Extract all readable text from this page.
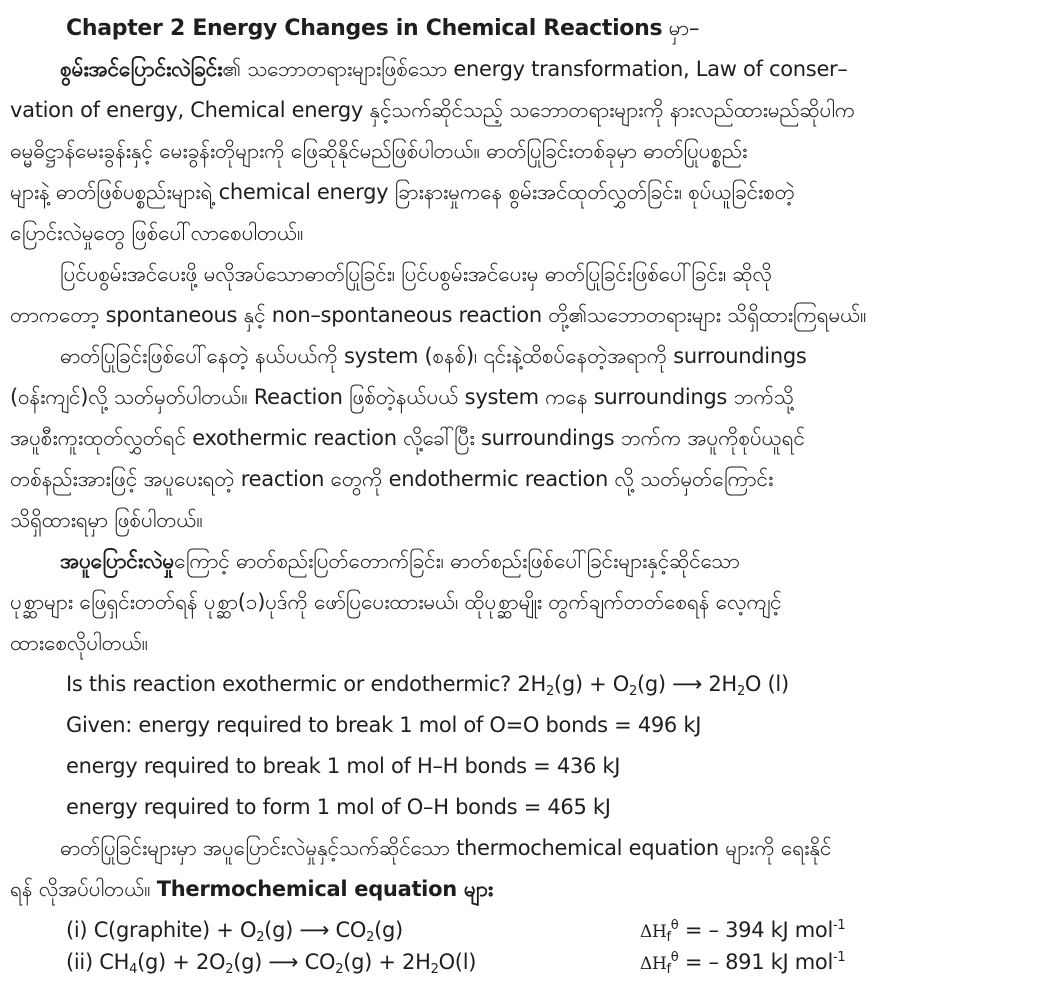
Chapter 2 Energy Changes in Chemical Reactions မှာ–
စွမ်းအင်ပြောင်းလဲခြင်း၏ သဘောတရားများဖြစ်သော energy transformation, Law of conser–
vation of energy, Chemical energy နှင့်သက်ဆိုင်သည့် သဘောတရားများကို နားလည်ထားမည်ဆိုပါက
ဓမ္မဓိဋ္ဌာန်မေးခွန်းနှင့် မေးခွန်းတိုများကို ဖြေဆိုနိုင်မည်ဖြစ်ပါတယ်။ ဓာတ်ပြုခြင်းတစ်ခုမှာ ဓာတ်ပြုပစ္စည်း
များနဲ့ ဓာတ်ဖြစ်ပစ္စည်းများရဲ့ chemical energy ခြားနားမှုကနေ စွမ်းအင်ထုတ်လွှတ်ခြင်း၊ စုပ်ယူခြင်းစတဲ့
ပြောင်းလဲမှုတွေ ဖြစ်ပေါ်လာစေပါတယ်။
ပြင်ပစွမ်းအင်ပေးဖို့ မလိုအပ်သောဓာတ်ပြုခြင်း၊ ပြင်ပစွမ်းအင်ပေးမှ ဓာတ်ပြုခြင်းဖြစ်ပေါ်ခြင်း၊ ဆိုလို
တာကတော့ spontaneous နှင့် non–spontaneous reaction တို့၏သဘောတရားများ သိရှိထားကြရမယ်။
ဓာတ်ပြုခြင်းဖြစ်ပေါ်နေတဲ့ နယ်ပယ်ကို system (စနစ်)၊ ၎င်းနဲ့ထိစပ်နေတဲ့အရာကို surroundings
(ဝန်းကျင်)လို့ သတ်မှတ်ပါတယ်။ Reaction ဖြစ်တဲ့နယ်ပယ် system ကနေ surroundings ဘက်သို့
အပူစီးကူးထုတ်လွှတ်ရင် exothermic reaction လို့ခေါ်ပြီး surroundings ဘက်က အပူကိုစုပ်ယူရင်
တစ်နည်းအားဖြင့် အပူပေးရတဲ့ reaction တွေကို endothermic reaction လို့ သတ်မှတ်ကြောင်း
သိရှိထားရမှာ ဖြစ်ပါတယ်။
အပူပြောင်းလဲမှုကြောင့် ဓာတ်စည်းပြတ်တောက်ခြင်း၊ ဓာတ်စည်းဖြစ်ပေါ်ခြင်းများနှင့်ဆိုင်သော
ပုစ္ဆာများ ဖြေရှင်းတတ်ရန် ပုစ္ဆာ(၁)ပုဒ်ကို ဖော်ပြပေးထားမယ်၊ ထိုပုစ္ဆာမျိုး တွက်ချက်တတ်စေရန် လေ့ကျင့်
ထားစေလိုပါတယ်။
Is this reaction exothermic or endothermic? $2H_2(g) + O_2(g)$ ⟶ $2H_2O$ (l)
Given: energy required to break 1 mol of O=O bonds = 496 kJ
energy required to break 1 mol of H–H bonds = 436 kJ
energy required to form 1 mol of O–H bonds = 465 kJ
ဓာတ်ပြုခြင်းများမှာ အပူပြောင်းလဲမှုနှင့်သက်ဆိုင်သော thermochemical equation များကို ရေးနိုင်
ရန် လိုအပ်ပါတယ်။ Thermochemical equation များ
(i) C(graphite) + $O_2(g)$ ⟶ $CO_2(g)$	$\Delta H_f^\theta$ = – 394 kJ mol$^{-1}$
(ii) $CH_4(g) + 2O_2(g)$ ⟶ $CO_2(g) + 2H_2O(l)$	$\Delta H_f^\theta$ = – 891 kJ mol$^{-1}$
